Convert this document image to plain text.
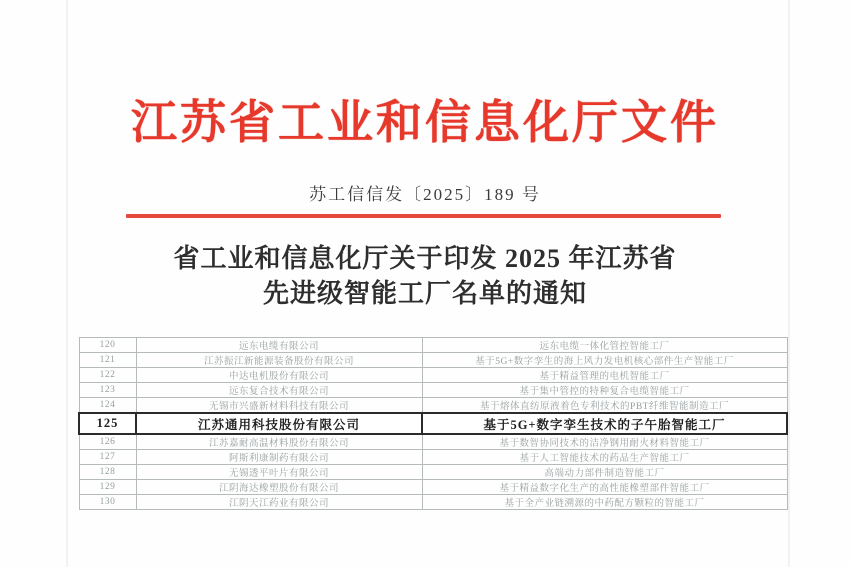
江苏省工业和信息化厅文件
苏工信信发〔2025〕189 号
省工业和信息化厅关于印发 2025 年江苏省
先进级智能工厂名单的通知
120	远东电缆有限公司	远东电缆一体化管控智能工厂
121	江苏振江新能源装备股份有限公司	基于5G+数字孪生的海上风力发电机核心部件生产智能工厂
122	中达电机股份有限公司	基于精益管理的电机智能工厂
123	远东复合技术有限公司	基于集中管控的特种复合电缆智能工厂
124	无锡市兴盛新材料科技有限公司	基于熔体直纺原液着色专利技术的PBT纤维智能制造工厂
125	江苏通用科技股份有限公司	基于5G+数字孪生技术的子午胎智能工厂
126	江苏嘉耐高温材料股份有限公司	基于数智协同技术的洁净钢用耐火材料智能工厂
127	阿斯利康制药有限公司	基于人工智能技术的药品生产智能工厂
128	无锡透平叶片有限公司	高端动力部件制造智能工厂
129	江阴海达橡塑股份有限公司	基于精益数字化生产的高性能橡塑部件智能工厂
130	江阴天江药业有限公司	基于全产业链溯源的中药配方颗粒的智能工厂
